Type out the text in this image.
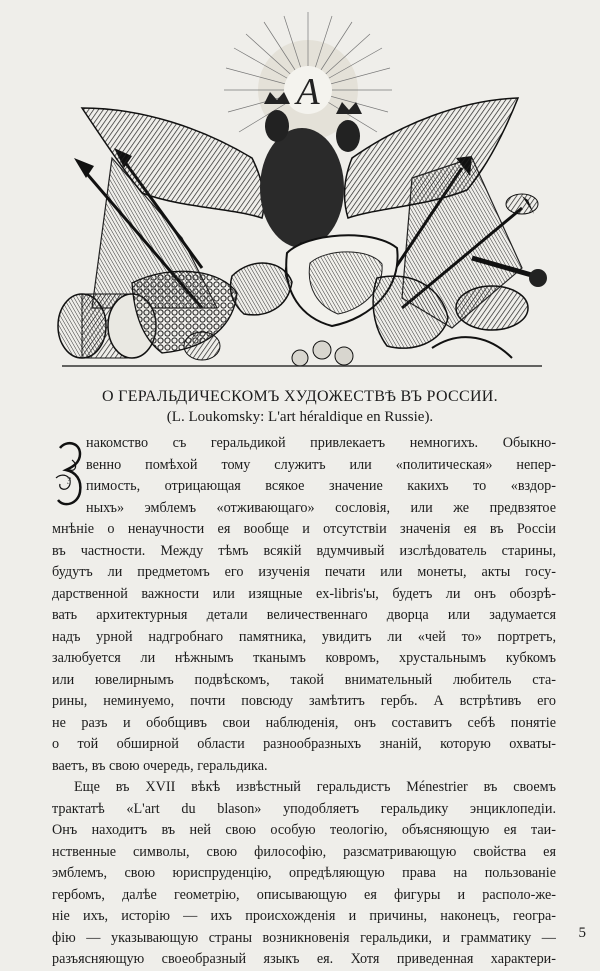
A
О ГЕРАЛЬДИЧЕСКОМЪ ХУДОЖЕСТВѢ ВЪ РОССИИ.

(L. Loukomsky: L'art héraldique en Russie).

З
накомство съ геральдикой привлекаетъ немногихъ. Обыкно-
венно помѣхой тому служитъ или «политическая» непер-
пимость, отрицающая всякое значение какихъ то «вздор-
ныхъ» эмблемъ «отживающаго» сословія, или же предвзятое
мнѣніе о ненаучности ея вообще и отсутствіи значенія ея въ Россіи
въ частности. Между тѣмъ всякій вдумчивый изслѣдователь старины,
будутъ ли предметомъ его изученія печати или монеты, акты госу-
дарственной важности или изящные ex-libris'ы, будетъ ли онъ обозрѣ-
вать архитектурныя детали величественнаго дворца или задумается
надъ урной надгробнаго памятника, увидитъ ли «чей то» портретъ,
залюбуется ли нѣжнымъ тканымъ ковромъ, хрустальнымъ кубкомъ
или ювелирнымъ подвѣскомъ, такой внимательный любитель ста-
рины, неминуемо, почти повсюду замѣтитъ гербъ. А встрѣтивъ его
не разъ и обобщивъ свои наблюденія, онъ составитъ себѣ понятіе
о той обширной области разнообразныхъ знаній, которую охваты-
ваетъ, въ свою очередь, геральдика.
Еще въ XVII вѣкѣ извѣстный геральдистъ Ménestrier въ своемъ
трактатѣ «L'art du blason» уподобляетъ геральдику энциклопедіи.
Онъ находитъ въ ней свою особую теологію, объясняющую ея таи-
нственные символы, свою философію, разсматривающую свойства ея
эмблемъ, свою юриспруденцію, опредѣляющую права на пользованіе
гербомъ, далѣе геометрію, описывающую ея фигуры и располо-же-
ніе ихъ, исторію — ихъ происхожденія и причины, наконецъ, геогра-
фію — указывающую страны возникновенія геральдики, и грамматику —
разъясняющую своеобразный языкъ ея. Хотя приведенная характери-
5
